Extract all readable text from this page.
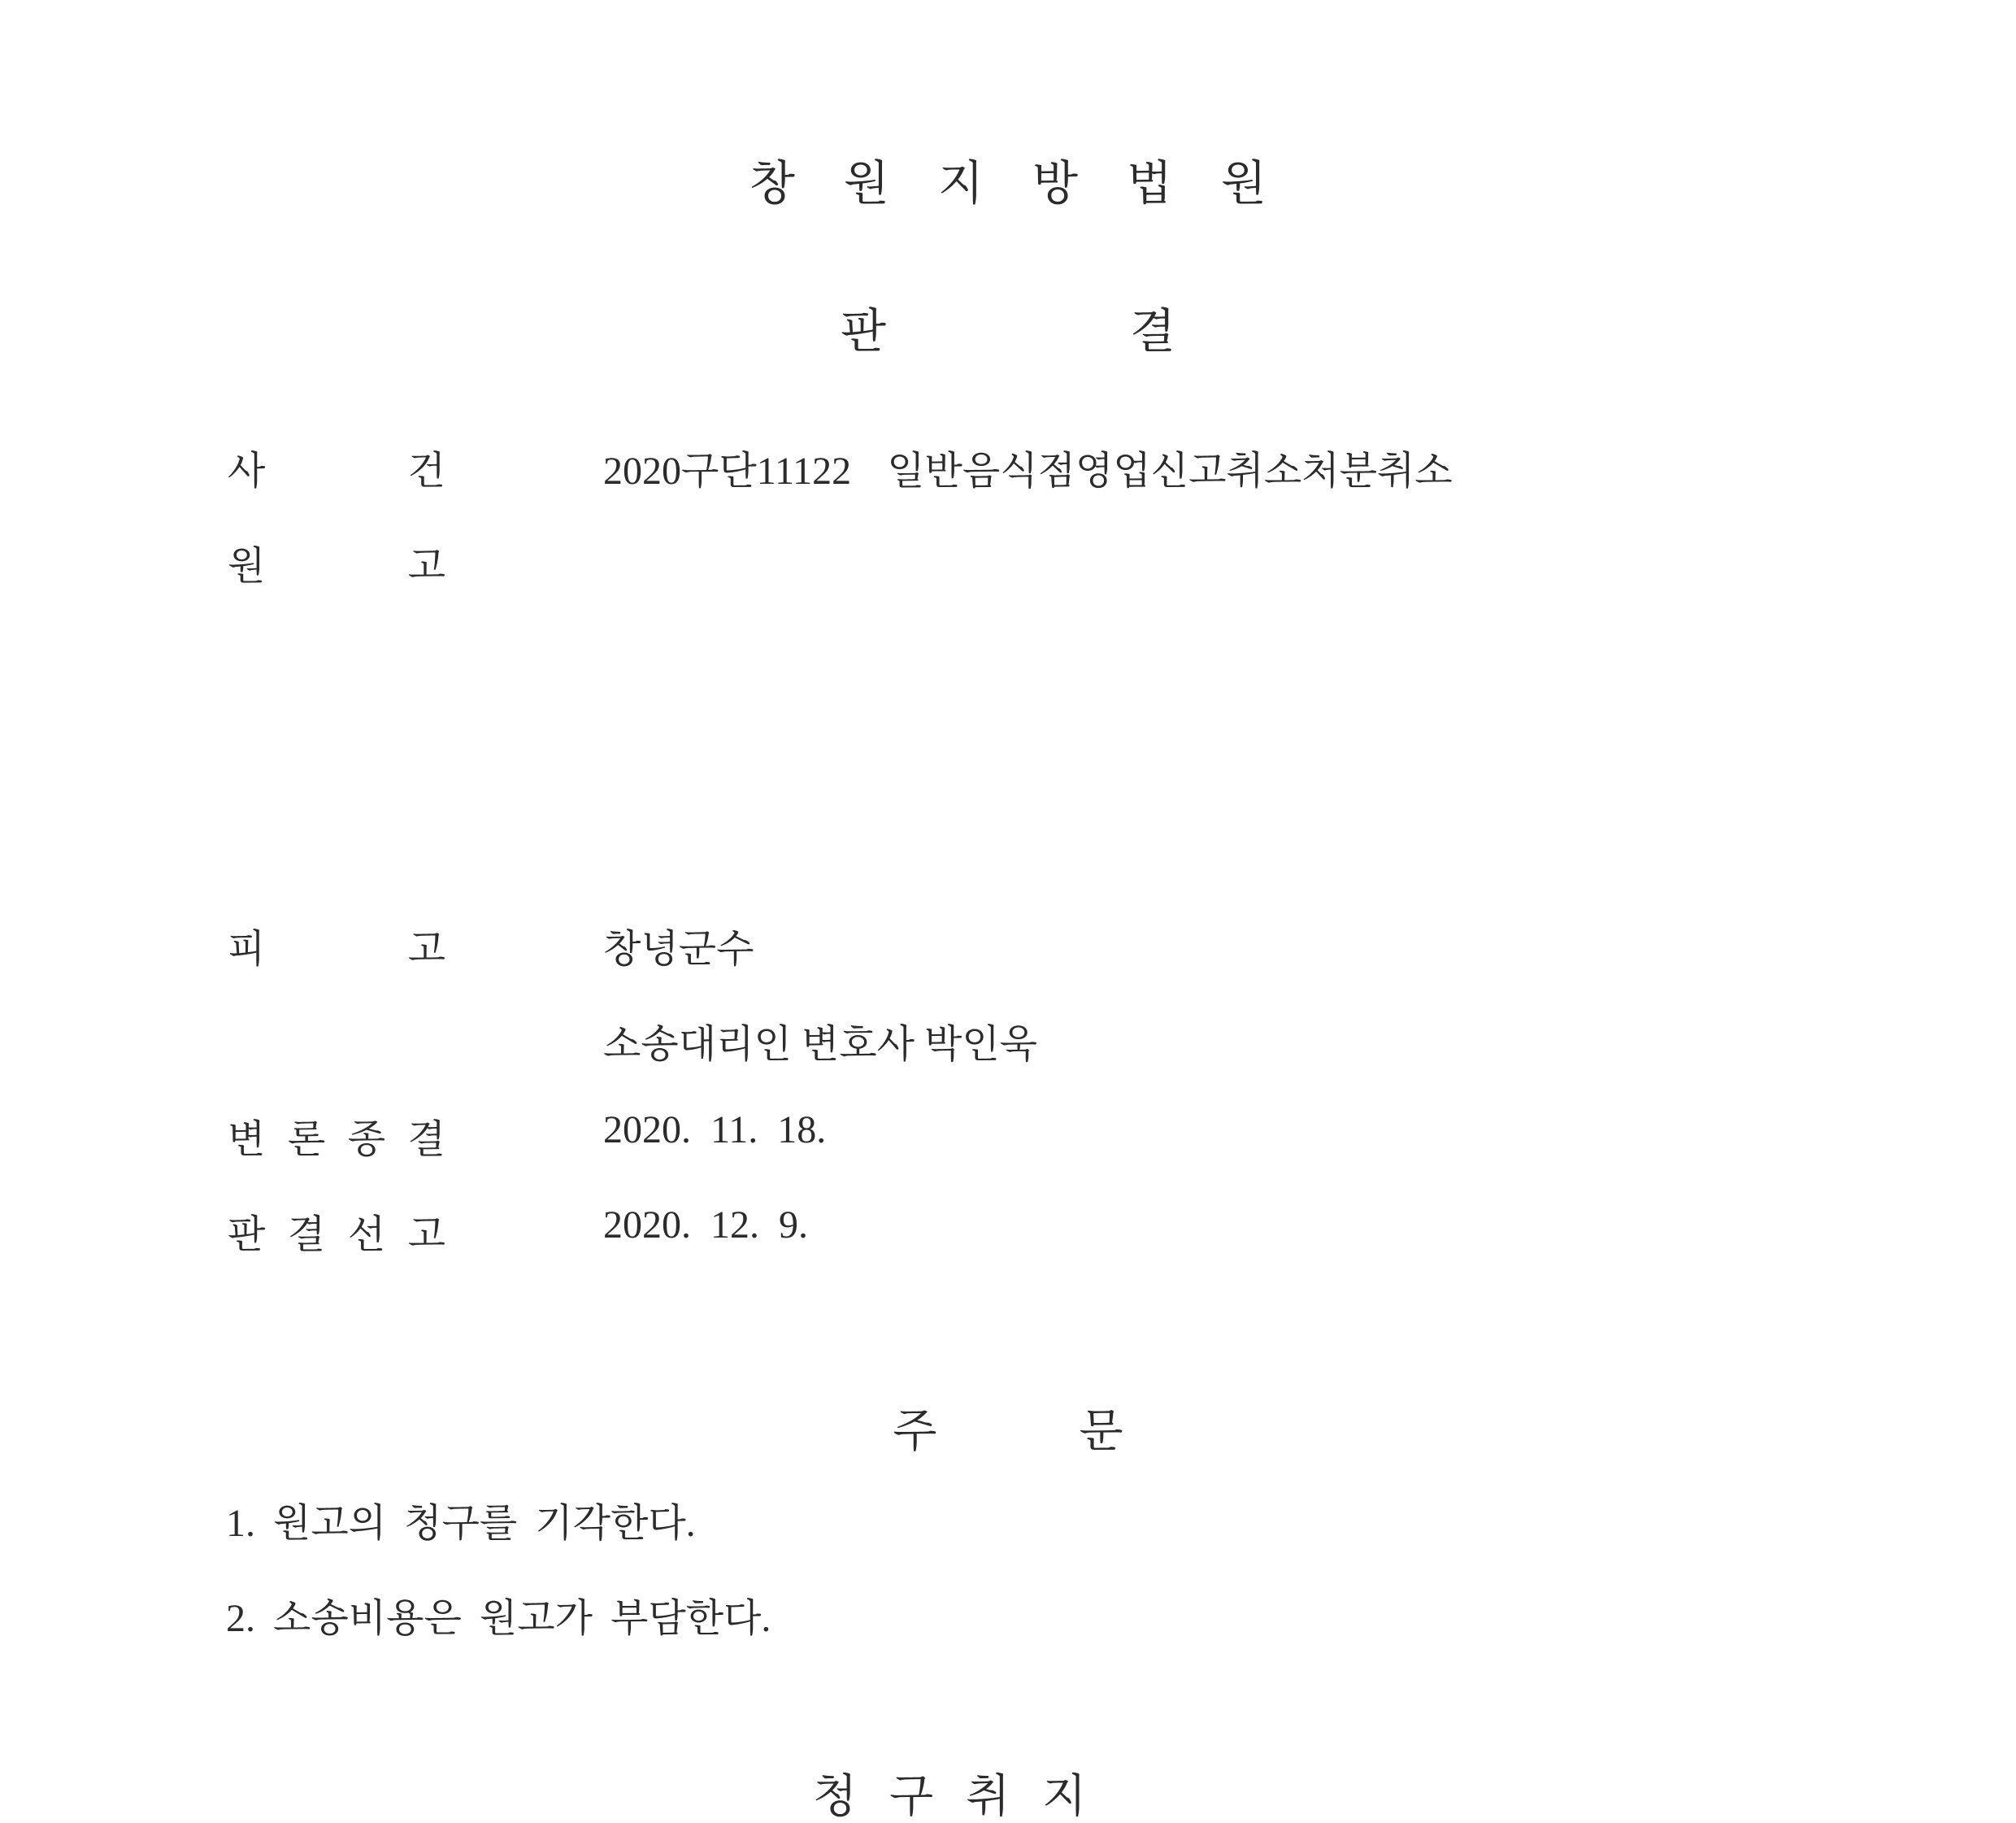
창원지방법원
판결
사	건	2020구단11122 일반음식점영업신고취소처분취소
원	고
피	고	창녕군수
소송대리인 변호사 박인욱
변 론 종 결	2020. 11. 18.
판 결 선 고	2020. 12. 9.
주문
1. 원고의 청구를 기각한다.
2. 소송비용은 원고가 부담한다.
청구취지
